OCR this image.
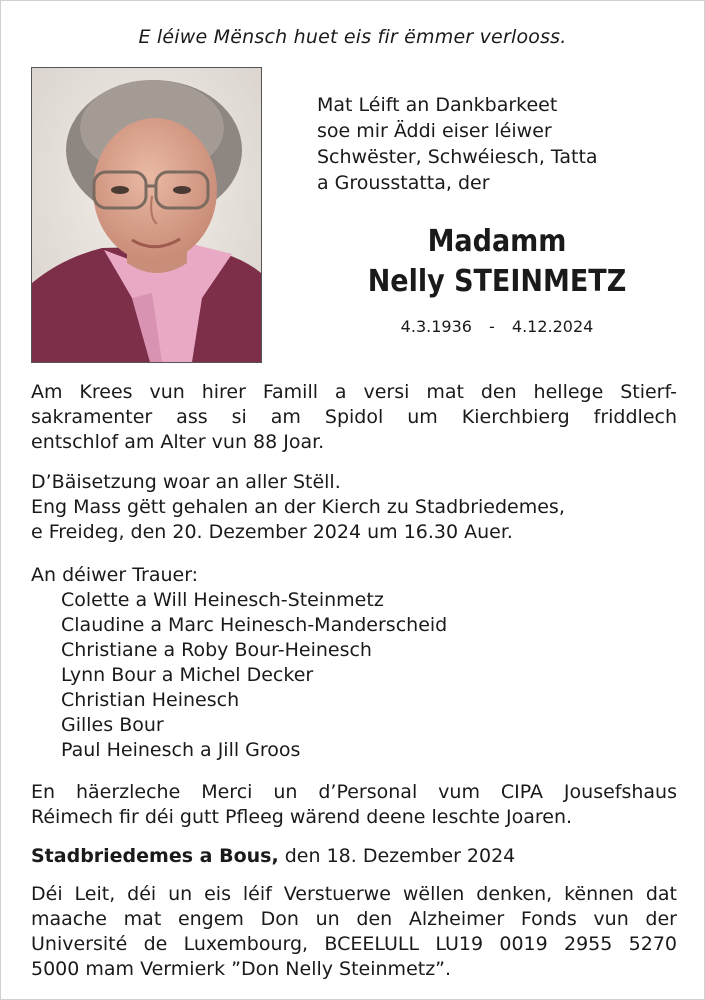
E léiwe Mënsch huet eis fir ëmmer verlooss.
Mat Léift an Dankbarkeet
soe mir Äddi eiser léiwer
Schwëster, Schwéiesch, Tatta
a Grousstatta, der
Madamm
Nelly STEINMETZ
4.3.1936 - 4.12.2024
Am Krees vun hirer Famill a versi mat den hellege Stierf-
sakramenter ass si am Spidol um Kierchbierg friddlech
entschlof am Alter vun 88 Joar.
D’Bäisetzung woar an aller Stëll.
Eng Mass gëtt gehalen an der Kierch zu Stadbriedemes,
e Freideg, den 20. Dezember 2024 um 16.30 Auer.
An déiwer Trauer:
Colette a Will Heinesch-Steinmetz
Claudine a Marc Heinesch-Manderscheid
Christiane a Roby Bour-Heinesch
Lynn Bour a Michel Decker
Christian Heinesch
Gilles Bour
Paul Heinesch a Jill Groos
En häerzleche Merci un d’Personal vum CIPA Jousefshaus
Réimech fir déi gutt Pfleeg wärend deene leschte Joaren.
Stadbriedemes a Bous, den 18. Dezember 2024
Déi Leit, déi un eis léif Verstuerwe wëllen denken, kënnen dat
maache mat engem Don un den Alzheimer Fonds vun der
Université de Luxembourg, BCEELULL LU19 0019 2955 5270
5000 mam Vermierk ”Don Nelly Steinmetz”.
